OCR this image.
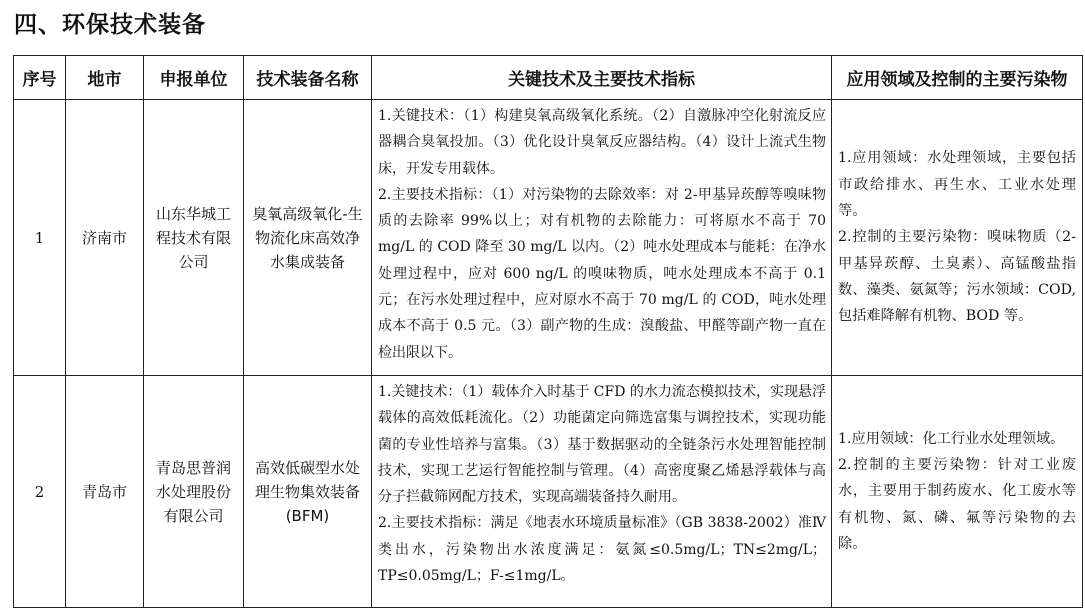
四、环保技术装备
序号	地市	申报单位	技术装备名称	关键技术及主要技术指标	应用领域及控制的主要污染物
1	济南市	山东华城工程技术有限公司	臭氧高级氧化-生物流化床高效净水集成装备	1.关键技术：（1）构建臭氧高级氧化系统。（2）自激脉冲空化射流反应器耦合臭氧投加。（3）优化设计臭氧反应器结构。（4）设计上流式生物床，开发专用载体。
2.主要技术指标：（1）对污染物的去除效率：对 2-甲基异莰醇等嗅味物质的去除率 99%以上；对有机物的去除能力：可将原水不高于 70 mg/L 的 COD 降至 30 mg/L 以内。（2）吨水处理成本与能耗：在净水处理过程中，应对 600 ng/L 的嗅味物质，吨水处理成本不高于 0.1 元；在污水处理过程中，应对原水不高于 70 mg/L 的 COD，吨水处理成本不高于 0.5 元。（3）副产物的生成：溴酸盐、甲醛等副产物一直在检出限以下。	1.应用领域：水处理领域，主要包括市政给排水、再生水、工业水处理等。
2.控制的主要污染物：嗅味物质（2-甲基异莰醇、土臭素）、高锰酸盐指数、藻类、氨氮等；污水领域：COD,包括难降解有机物、BOD 等。

2	青岛市	青岛思普润水处理股份有限公司	高效低碳型水处理生物集效装备(BFM)	1.关键技术：（1）载体介入时基于 CFD 的水力流态模拟技术，实现悬浮载体的高效低耗流化。（2）功能菌定向筛选富集与调控技术，实现功能菌的专业性培养与富集。（3）基于数据驱动的全链条污水处理智能控制技术，实现工艺运行智能控制与管理。（4）高密度聚乙烯悬浮载体与高分子拦截筛网配方技术，实现高端装备持久耐用。
2.主要技术指标：满足《地表水环境质量标准》（GB 3838-2002）准Ⅳ类出水，污染物出水浓度满足：氨氮≤0.5mg/L；TN≤2mg/L；TP≤0.05mg/L；F-≤1mg/L。	1.应用领域：化工行业水处理领域。
2.控制的主要污染物：针对工业废水，主要用于制药废水、化工废水等有机物、氮、磷、氟等污染物的去除。
